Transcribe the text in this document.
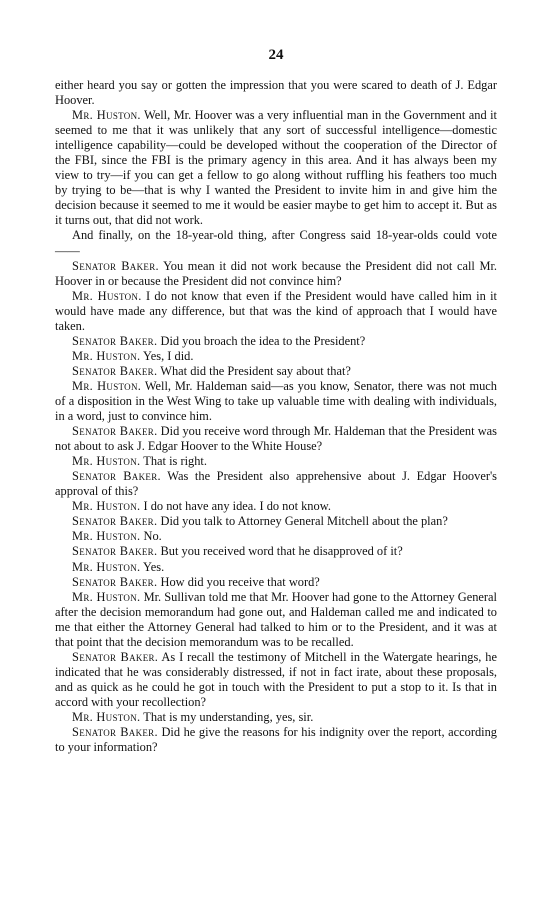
24

either heard you say or gotten the impression that you were scared to death of J. Edgar Hoover.

Mr. Huston. Well, Mr. Hoover was a very influential man in the Government and it seemed to me that it was unlikely that any sort of successful intelligence—domestic intelligence capability—could be developed without the cooperation of the Director of the FBI, since the FBI is the primary agency in this area. And it has always been my view to try—if you can get a fellow to go along without ruffling his feathers too much by trying to be—that is why I wanted the President to invite him in and give him the decision because it seemed to me it would be easier maybe to get him to accept it. But as it turns out, that did not work.

And finally, on the 18-year-old thing, after Congress said 18-year-olds could vote——

Senator Baker. You mean it did not work because the President did not call Mr. Hoover in or because the President did not convince him?

Mr. Huston. I do not know that even if the President would have called him in it would have made any difference, but that was the kind of approach that I would have taken.

Senator Baker. Did you broach the idea to the President?

Mr. Huston. Yes, I did.

Senator Baker. What did the President say about that?

Mr. Huston. Well, Mr. Haldeman said—as you know, Senator, there was not much of a disposition in the West Wing to take up valuable time with dealing with individuals, in a word, just to convince him.

Senator Baker. Did you receive word through Mr. Haldeman that the President was not about to ask J. Edgar Hoover to the White House?

Mr. Huston. That is right.

Senator Baker. Was the President also apprehensive about J. Edgar Hoover's approval of this?

Mr. Huston. I do not have any idea. I do not know.

Senator Baker. Did you talk to Attorney General Mitchell about the plan?

Mr. Huston. No.

Senator Baker. But you received word that he disapproved of it?

Mr. Huston. Yes.

Senator Baker. How did you receive that word?

Mr. Huston. Mr. Sullivan told me that Mr. Hoover had gone to the Attorney General after the decision memorandum had gone out, and Haldeman called me and indicated to me that either the Attorney General had talked to him or to the President, and it was at that point that the decision memorandum was to be recalled.

Senator Baker. As I recall the testimony of Mitchell in the Watergate hearings, he indicated that he was considerably distressed, if not in fact irate, about these proposals, and as quick as he could he got in touch with the President to put a stop to it. Is that in accord with your recollection?

Mr. Huston. That is my understanding, yes, sir.

Senator Baker. Did he give the reasons for his indignity over the report, according to your information?
